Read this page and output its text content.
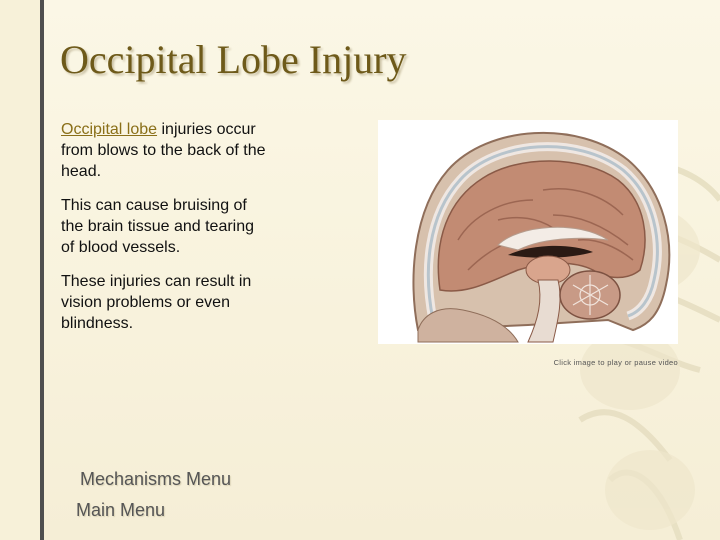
Occipital Lobe Injury

Occipital lobe injuries occur from blows to the back of the head.

This can cause bruising of the brain tissue and tearing of blood vessels.

These injuries can result in vision problems or even blindness.

Click image to play or pause video
Mechanisms Menu
Main Menu
